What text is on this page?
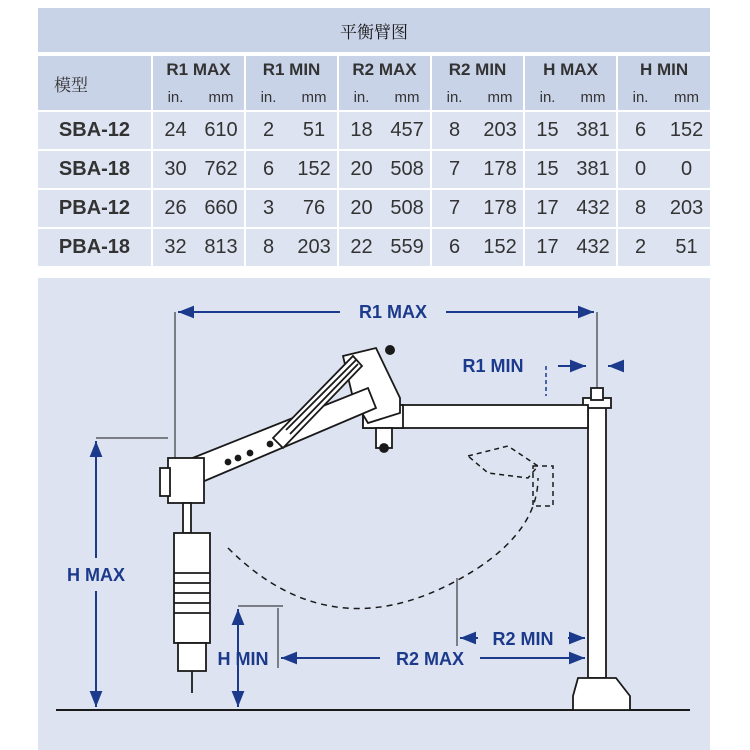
平衡臂图
模型	R1 MAX		R1 MIN		R2 MAX		R2 MIN		H MAX		H MIN	
	in.	mm	in.	mm	in.	mm	in.	mm	in.	mm	in.	mm
SBA-12	24	610	2	51	18	457	8	203	15	381	6	152
SBA-18	30	762	6	152	20	508	7	178	15	381	0	0
PBA-12	26	660	3	76	20	508	7	178	17	432	8	203
PBA-18	32	813	8	203	22	559	6	152	17	432	2	51
R1 MAX
R1 MIN
H MAX
H MIN	R2 MAX
R2 MIN
